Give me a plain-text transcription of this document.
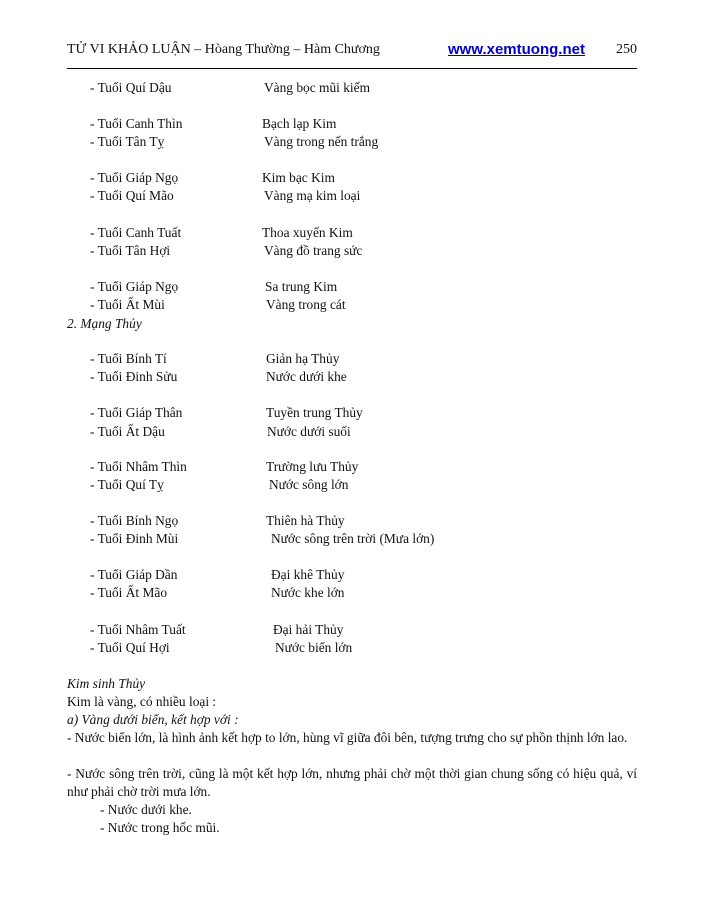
TỬ VI KHẢO LUẬN – Hòang Thường – Hàm Chương	www.xemtuong.net 250
- Tuổi Quí Dậu	Vàng bọc mũi kiếm
- Tuổi Canh Thìn	Bạch lạp Kim
- Tuổi Tân Tỵ	Vàng trong nến trắng
- Tuổi Giáp Ngọ	Kim bạc Kim
- Tuổi Quí Mão	Vàng mạ kim loại
- Tuổi Canh Tuất	Thoa xuyến Kim
- Tuổi Tân Hợi	Vàng đồ trang sức
- Tuổi Giáp Ngọ	Sa trung Kim
- Tuổi Ất Mùi	Vàng trong cát
2. Mạng Thủy
- Tuổi Bính Tí	Giản hạ Thủy
- Tuổi Đinh Sửu	Nước dưới khe
- Tuổi Giáp Thân	Tuyền trung Thủy
- Tuổi Ất Dậu	Nước dưới suối
- Tuổi Nhâm Thìn	Trường lưu Thủy
- Tuổi Quí Tỵ	Nước sông lớn
- Tuổi Bính Ngọ	Thiên hà Thủy
- Tuổi Đinh Mùi	Nước sông trên trời (Mưa lớn)
- Tuổi Giáp Dần	Đại khê Thủy
- Tuổi Ất Mão	Nước khe lớn
- Tuổi Nhâm Tuất	Đại hải Thủy
- Tuổi Quí Hợi	Nước biển lớn
Kim sinh Thủy
Kim là vàng, có nhiều loại :
a) Vàng dưới biển, kết hợp với :
- Nước biển lớn, là hình ảnh kết hợp to lớn, hùng vĩ giữa đôi bên, tượng trưng cho sự phồn thịnh lớn lao.
- Nước sông trên trời, cũng là một kết hợp lớn, nhưng phải chờ một thời gian chung sống có hiệu quả, ví như phải chờ trời mưa lớn.
- Nước dưới khe.
- Nước trong hốc mũi.
